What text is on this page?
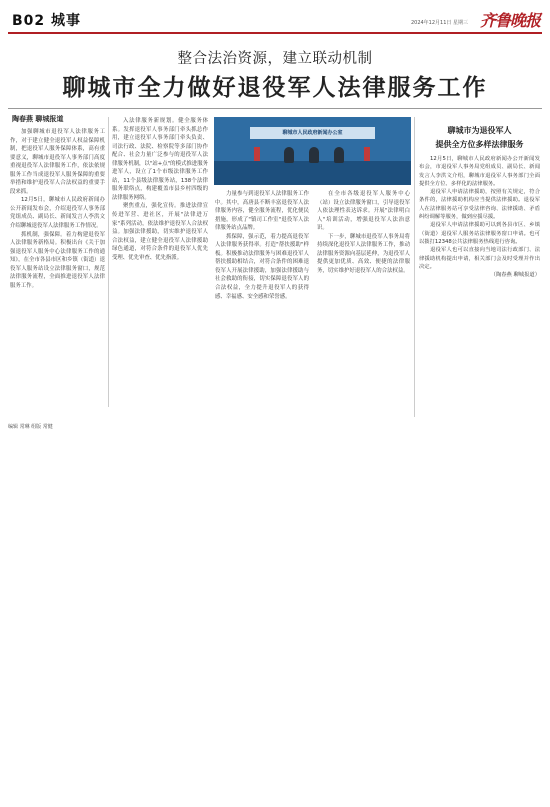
B02 城事	2024年12月11日 星期三 齐鲁晚报
整合法治资源，建立联动机制
聊城市全力做好退役军人法律服务工作
陶春燕 聊城报道

加强聊城市退役军人法律服务工作，对于建立健全退役军人权益保障机制，把退役军人服务保障体系，高有重要意义，聊城市退役军人事务部门高度重视退役军人法律服务工作，依法依规服务工作当成退役军人服务保障的重要举措和维护退役军人合法权益的重要手段来抓。

12月5日，聊城市人民政府新闻办公开新闻发布会，介绍退役军人事务部党组成员、副局长、新闻发言人李洪文介绍聊城退役军人法律服务工作情况。

抓机制，强保障。着力构建退役军人法律服务新格局。积极出台《关于加强退役军人服务中心法律服务工作的通知》，在全市各县市区和乡镇（街道）退役军人服务站设立法律服务窗口，规范法律服务流程，全面推进退役军人法律服务工作。

入法律服务新规划。健全服务体系。发挥退役军人事务部门牵头抓总作用，建立退役军人事务部门牵头负责、司法行政、法院、检察院等多部门协作配合、社会力量广泛参与的退役军人法律服务机制，以"站+点"的模式推进服务进军人，设立了1个市级法律服务工作站，11个县级法律服务站，138个法律服务联络点，构建覆盖市县乡村四级的法律服务网络。

聚焦重点，强化宣传。推进法律宣传进军营、进社区，开展"法律进万家"系列活动，依法维护退役军人合法权益。加强法律援助，切实维护退役军人合法权益，建立健全退役军人法律援助绿色通道，对符合条件的退役军人优先受理、优先审查、优先指派。

聊城市人民政府新闻办公室

力量参与到退役军人法律服务工作中。其中，高唐县不断丰富退役军人法律服务内容，健全服务流程，优化便民措施，形成了"镇司工作室"退役军人法律服务站点品牌。

抓保障，强示范，着力提高退役军人法律服务获得率。打造"帮扶援助"样板。积极推动法律服务与困难退役军人帮扶援助相结合，对符合条件的困难退役军人开展法律援助，加强法律援助与社会救助的衔接，切实保障退役军人的合法权益，全力提升退役军人的获得感、幸福感、安全感和荣誉感。

在全市各级退役军人服务中心（站）设立法律服务窗口，引导退役军人依法理性表达诉求。开展"法律明白人"培训活动，增强退役军人法治意识。

下一步，聊城市退役军人事务局将持续深化退役军人法律服务工作，推动法律服务资源向基层延伸，为退役军人提供更加优质、高效、便捷的法律服务，切实维护好退役军人的合法权益。

聊城市为退役军人
提供全方位多样法律服务

12月5日，聊城市人民政府新闻办公开新闻发布会，市退役军人事务局党组成员、副局长、新闻发言人李洪文介绍，聊城市退役军人事务部门全面提供全方位、多样化的法律服务。

退役军人申请法律援助，按照有关规定，符合条件的，法律援助机构应当提供法律援助。退役军人在法律服务站可享受法律咨询、法律援助、矛盾纠纷调解等服务，做到应援尽援。

退役军人申请法律援助可以到各县市区、乡镇（街道）退役军人服务站法律服务窗口申请。也可以拨打12348公共法律服务热线进行咨询。

退役军人也可以直接向当地司法行政部门、法律援助机构提出申请，相关部门会及时受理并作出决定。

（陶春燕 聊城报道）

编辑 常琳 组版 常健
